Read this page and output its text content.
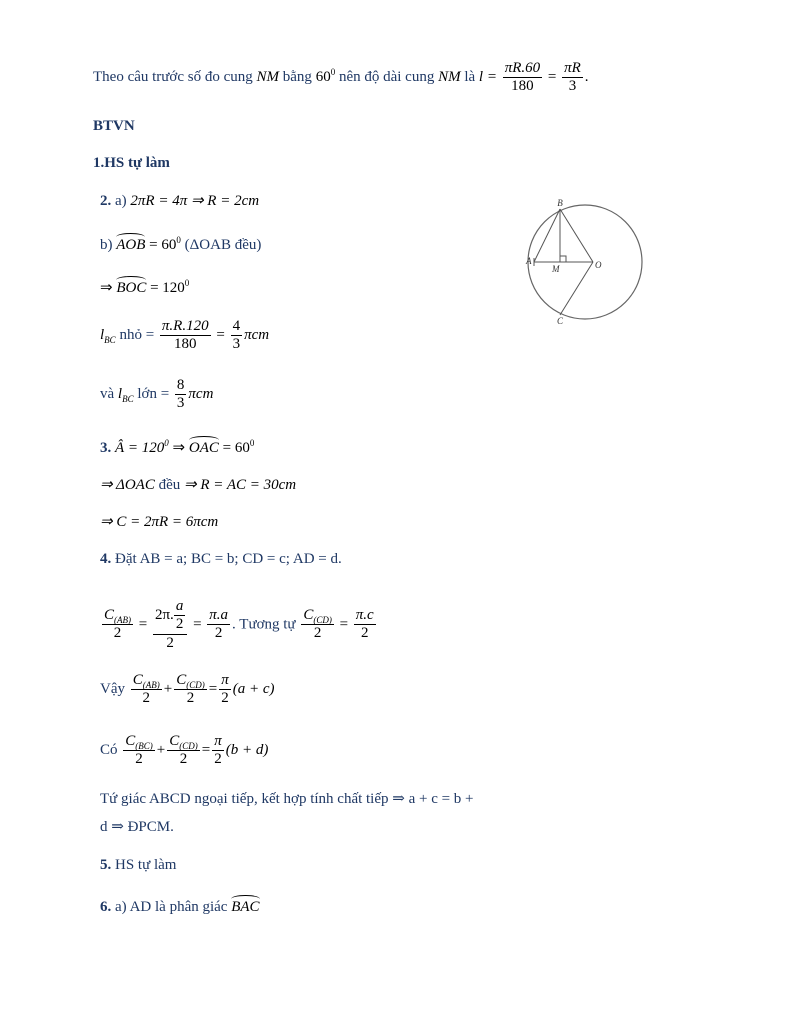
Theo câu trước số đo cung NM bằng $60^0$ nên độ dài cung NM là $l = \frac{\pi R.60}{180} = \frac{\pi R}{3}$ .
BTVN
1.HS tự làm
2. a) 2πR = 4π ⇒ R = 2cm
b) AOB = $60^0$ (ΔOAB đều)
⇒ BOC = $120^0$
$l_{BC}$ nhỏ = $\frac{\pi.R.120}{180} = \frac{4}{3}$ πcm
và $l_{BC}$ lớn = $\frac{8}{3}$ πcm
B
A
M	O
C
3. Â = $120^0$ ⇒ OAC = $60^0$
⇒ ΔOAC đều ⇒ R = AC = 30cm
⇒ C = 2πR = 6πcm
4. Đặt AB = a; BC = b; CD = c; AD = d.
$\frac{C_{(AB)}}{2} = \frac{2\pi. \frac{a}{2}}{2} = \frac{\pi.a}{2}$ . Tương tự $\frac{C_{(CD)}}{2} = \frac{\pi.c}{2}$
Vậy $\frac{C_{(AB)}}{2} + \frac{C_{(CD)}}{2} = \frac{\pi}{2} (a + c)$
Có $\frac{C_{(BC)}}{2} + \frac{C_{(CD)}}{2} = \frac{\pi}{2} (b + d)$
Tứ giác ABCD ngoại tiếp, kết hợp tính chất tiếp ⇒ a + c = b +
d ⇒ ĐPCM.
5. HS tự làm
6. a) AD là phân giác BAC
